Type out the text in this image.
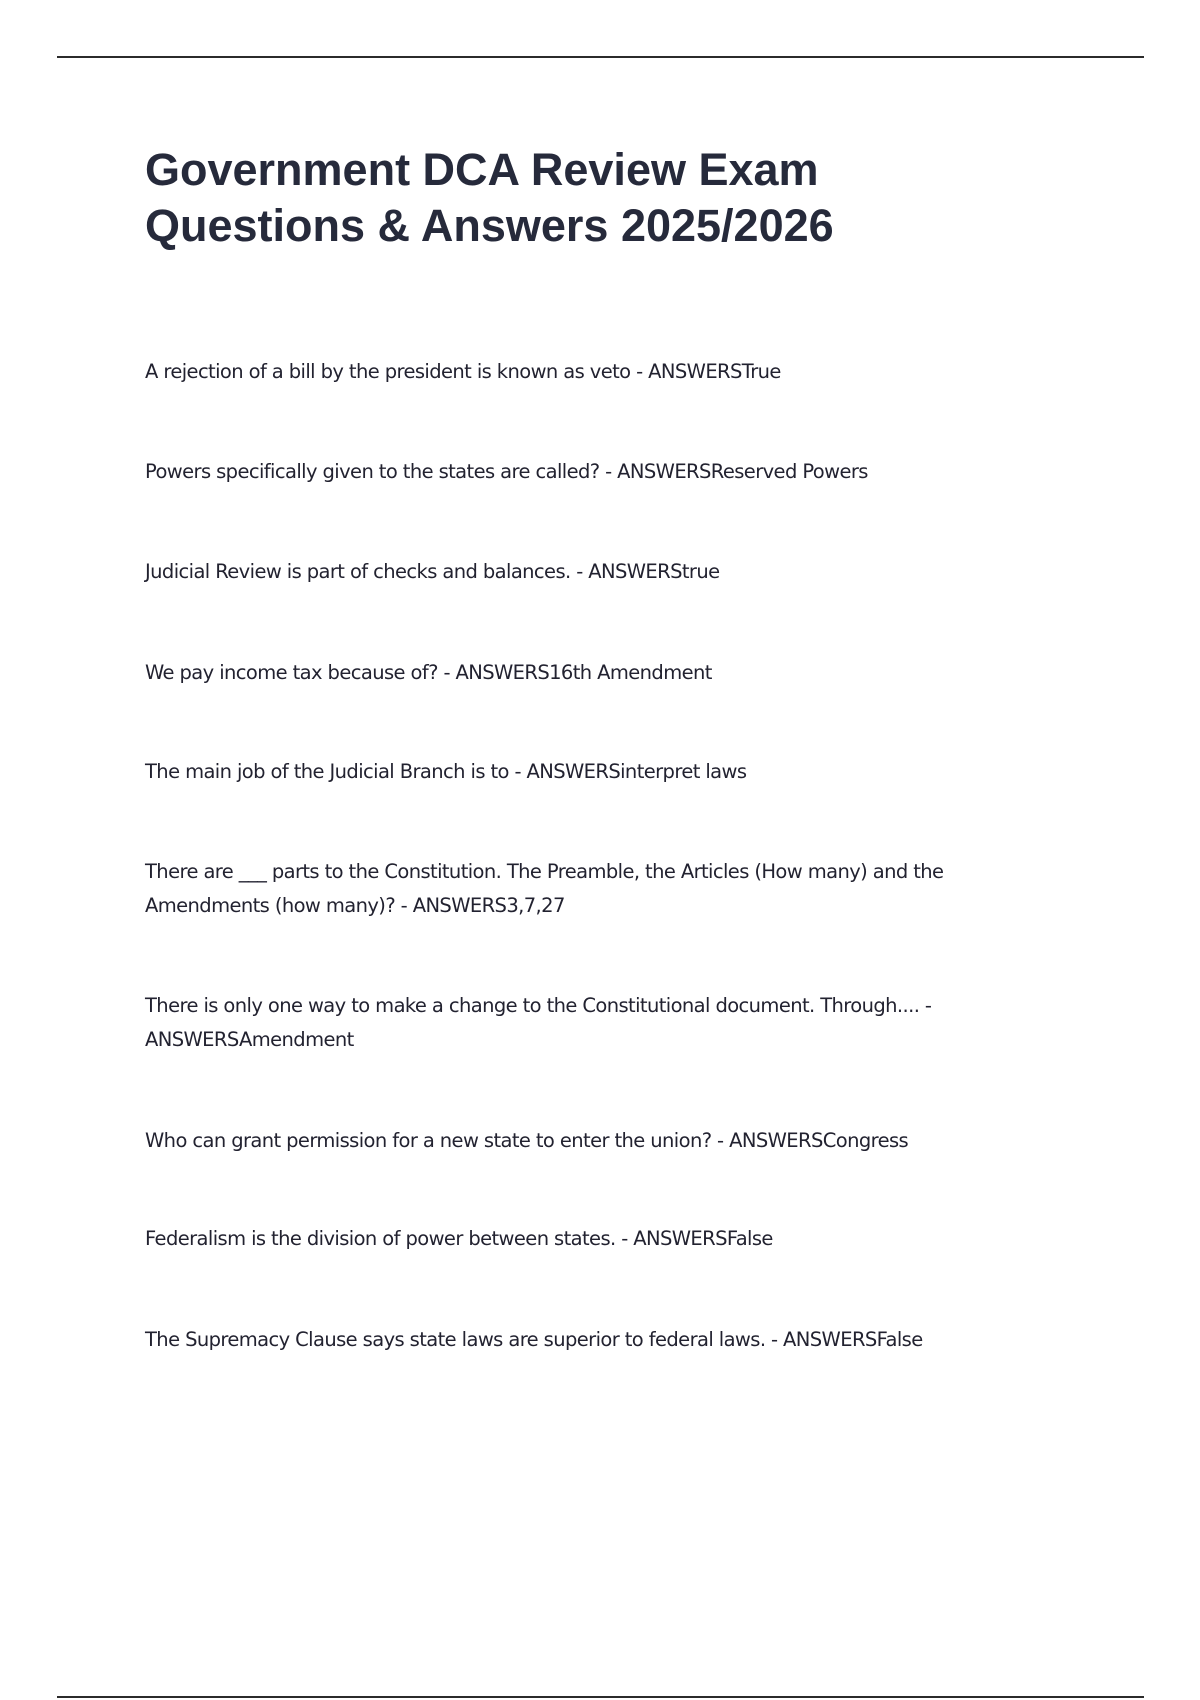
Government DCA Review Exam Questions & Answers 2025/2026

A rejection of a bill by the president is known as veto - ANSWERSTrue

Powers specifically given to the states are called? - ANSWERSReserved Powers

Judicial Review is part of checks and balances. - ANSWERStrue

We pay income tax because of? - ANSWERS16th Amendment

The main job of the Judicial Branch is to - ANSWERSinterpret laws

There are ___ parts to the Constitution. The Preamble, the Articles (How many) and the Amendments (how many)? - ANSWERS3,7,27

There is only one way to make a change to the Constitutional document. Through.... - ANSWERSAmendment

Who can grant permission for a new state to enter the union? - ANSWERSCongress

Federalism is the division of power between states. - ANSWERSFalse

The Supremacy Clause says state laws are superior to federal laws. - ANSWERSFalse
